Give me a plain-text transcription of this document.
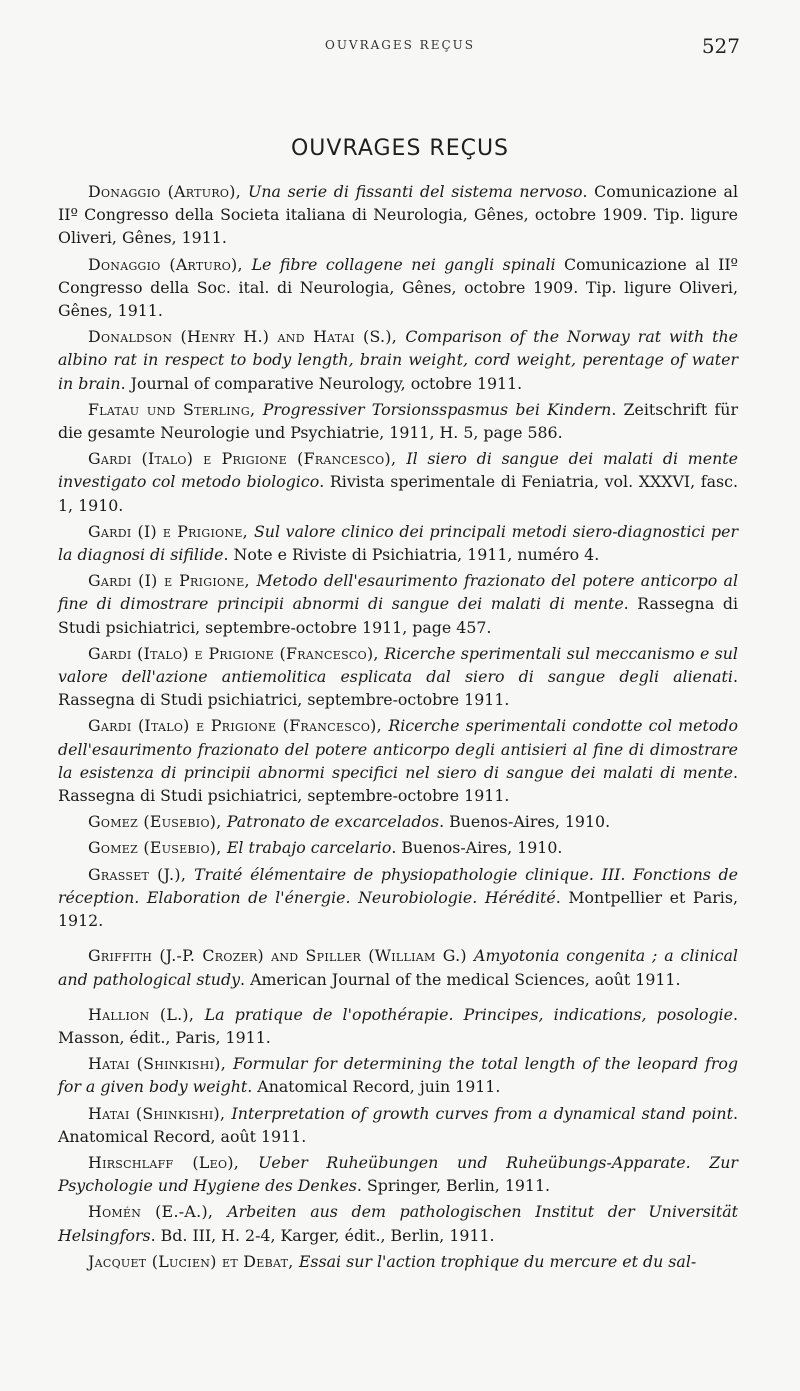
OUVRAGES REÇUS	527
OUVRAGES REÇUS

Donaggio (Arturo), Una serie di fissanti del sistema nervoso. Comunicazione al IIº Congresso della Societa italiana di Neurologia, Gênes, octobre 1909. Tip. ligure Oliveri, Gênes, 1911.

Donaggio (Arturo), Le fibre collagene nei gangli spinali Comunicazione al IIº Congresso della Soc. ital. di Neurologia, Gênes, octobre 1909. Tip. ligure Oliveri, Gênes, 1911.

Donaldson (Henry H.) and Hatai (S.), Comparison of the Norway rat with the albino rat in respect to body length, brain weight, cord weight, perentage of water in brain. Journal of comparative Neurology, octobre 1911.

Flatau und Sterling, Progressiver Torsionsspasmus bei Kindern. Zeitschrift für die gesamte Neurologie und Psychiatrie, 1911, H. 5, page 586.

Gardi (Italo) e Prigione (Francesco), Il siero di sangue dei malati di mente investigato col metodo biologico. Rivista sperimentale di Feniatria, vol. XXXVI, fasc. 1, 1910.

Gardi (I) e Prigione, Sul valore clinico dei principali metodi siero-diagnostici per la diagnosi di sifilide. Note e Riviste di Psichiatria, 1911, numéro 4.

Gardi (I) e Prigione, Metodo dell'esaurimento frazionato del potere anticorpo al fine di dimostrare principii abnormi di sangue dei malati di mente. Rassegna di Studi psichiatrici, septembre-octobre 1911, page 457.

Gardi (Italo) e Prigione (Francesco), Ricerche sperimentali sul meccanismo e sul valore dell'azione antiemolitica esplicata dal siero di sangue degli alienati. Rassegna di Studi psichiatrici, septembre-octobre 1911.

Gardi (Italo) e Prigione (Francesco), Ricerche sperimentali condotte col metodo dell'esaurimento frazionato del potere anticorpo degli antisieri al fine di dimostrare la esistenza di principii abnormi specifici nel siero di sangue dei malati di mente. Rassegna di Studi psichiatrici, septembre-octobre 1911.

Gomez (Eusebio), Patronato de excarcelados. Buenos-Aires, 1910.

Gomez (Eusebio), El trabajo carcelario. Buenos-Aires, 1910.

Grasset (J.), Traité élémentaire de physiopathologie clinique. III. Fonctions de réception. Elaboration de l'énergie. Neurobiologie. Hérédité. Montpellier et Paris, 1912.

Griffith (J.-P. Crozer) and Spiller (William G.) Amyotonia congenita ; a clinical and pathological study. American Journal of the medical Sciences, août 1911.

Hallion (L.), La pratique de l'opothérapie. Principes, indications, posologie. Masson, édit., Paris, 1911.

Hatai (Shinkishi), Formular for determining the total length of the leopard frog for a given body weight. Anatomical Record, juin 1911.

Hatai (Shinkishi), Interpretation of growth curves from a dynamical stand point. Anatomical Record, août 1911.

Hirschlaff (Leo), Ueber Ruheübungen und Ruheübungs-Apparate. Zur Psychologie und Hygiene des Denkes. Springer, Berlin, 1911.

Homén (E.-A.), Arbeiten aus dem pathologischen Institut der Universität Helsingfors. Bd. III, H. 2-4, Karger, édit., Berlin, 1911.

Jacquet (Lucien) et Debat, Essai sur l'action trophique du mercure et du sal-
